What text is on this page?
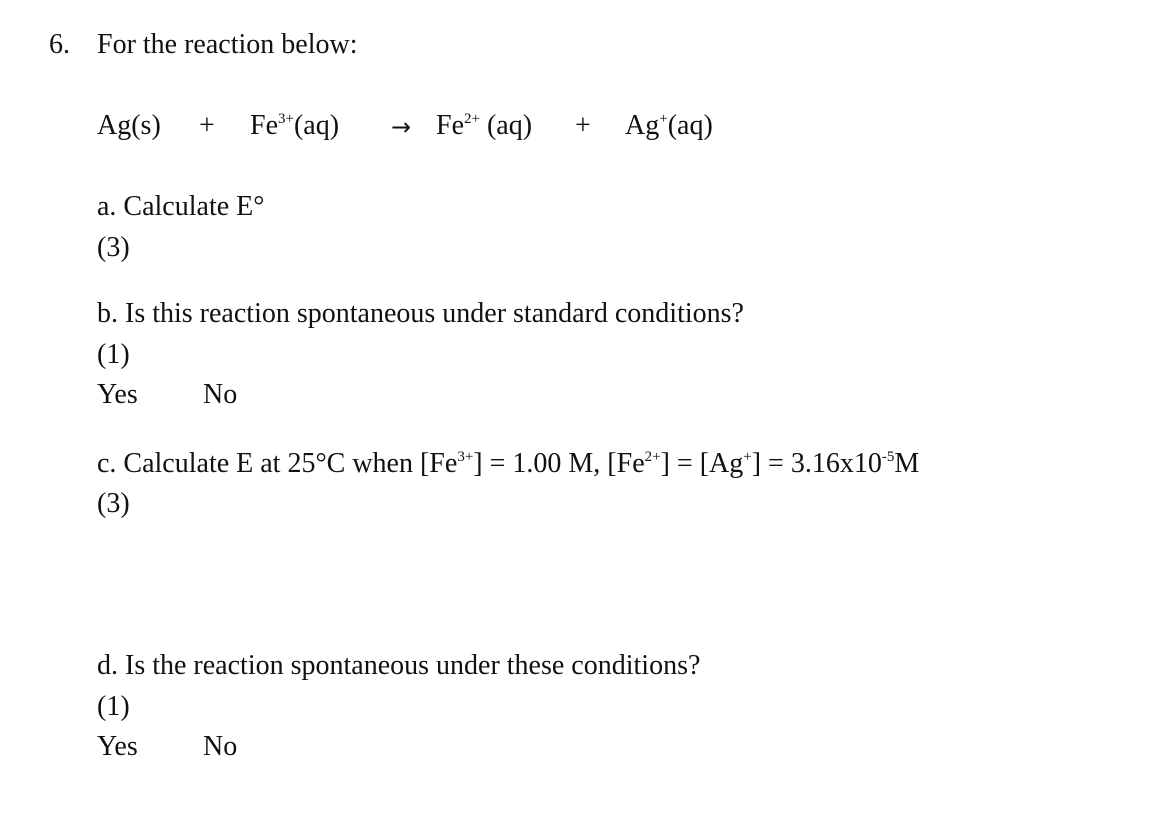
6. For the reaction below:
$Ag(s) + Fe^{3+}(aq) \to Fe^{2+}$ (aq) + Ag+(aq)
a. Calculate E°
(3)
b. Is this reaction spontaneous under standard conditions?
(1)
Yes No
c. Calculate E at 25°C when $[Fe^{3+}] = 1.00$ M, $[Fe^{2+}] = [Ag^+] = 3.16x10^{-5}M$
(3)
d. Is the reaction spontaneous under these conditions?
(1)
Yes No
